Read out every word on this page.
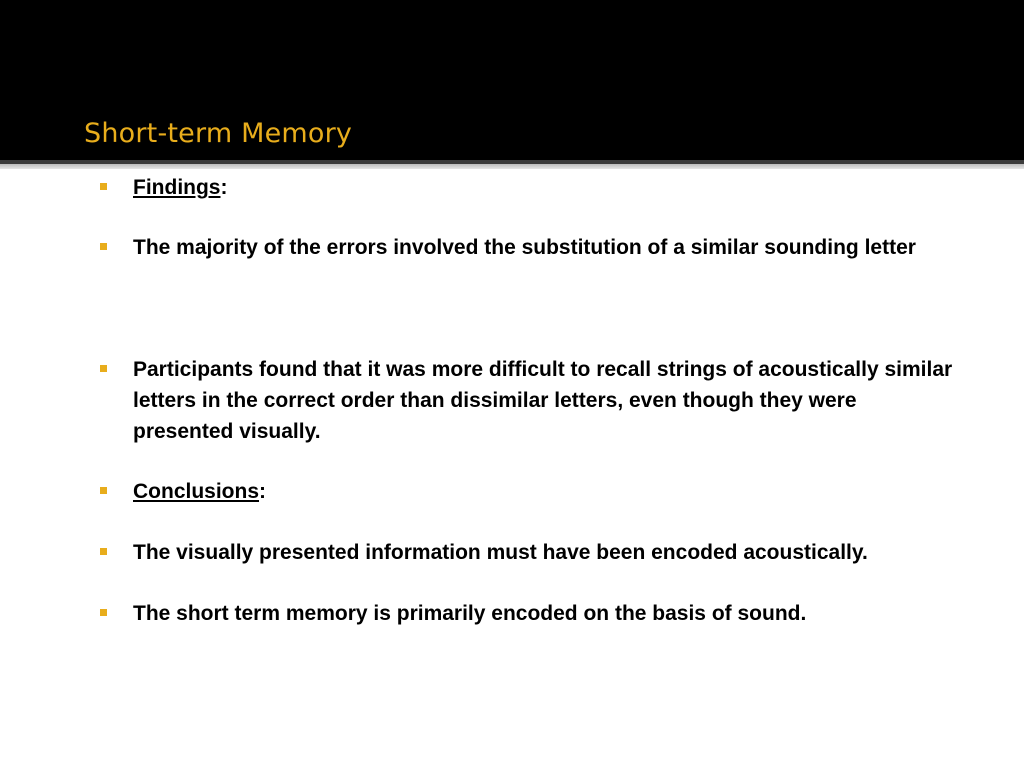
Short-term Memory
Findings:
The majority of the errors involved the substitution of a similar sounding letter
Participants found that it was more difficult to recall strings of acoustically similar letters in the correct order than dissimilar letters, even though they were presented visually.
Conclusions:
The visually presented information must have been encoded acoustically.
The short term memory is primarily encoded on the basis of sound.
